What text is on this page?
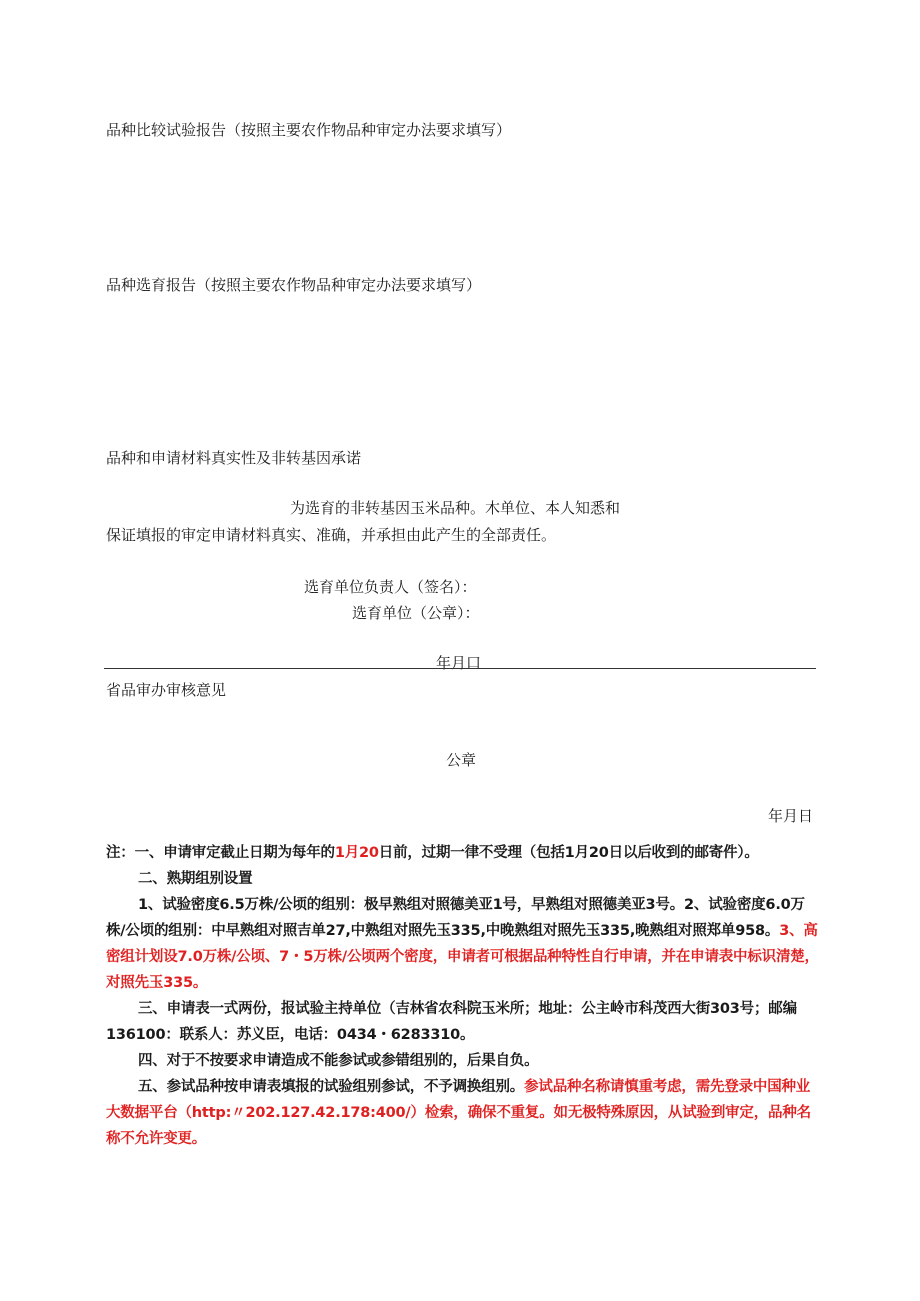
品种比较试验报告（按照主要农作物品种审定办法要求填写）
品种选育报告（按照主要农作物品种审定办法要求填写）
品种和申请材料真实性及非转基因承诺
为选育的非转基因玉米品种。木单位、本人知悉和
保证填报的审定申请材料真实、准确，并承担由此产生的全部责任。
选育单位负责人（签名）：
选育单位（公章）：
年月口
省品审办审核意见
公章
年月日

注：一、申请审定截止日期为每年的1月20日前，过期一律不受理（包括1月20日以后收到的邮寄件）。

二、熟期组别设置

1、试验密度6.5万株/公顷的组别：极早熟组对照德美亚1号，早熟组对照德美亚3号。2、试验密度6.0万株/公顷的组别：中早熟组对照吉单27,中熟组对照先玉335,中晚熟组对照先玉335,晚熟组对照郑单958。3、高密组计划设7.0万株/公顷、7・5万株/公顷两个密度，申请者可根据品种特性自行申请，并在申请表中标识清楚，对照先玉335。

三、申请表一式两份，报试验主持单位（吉林省农科院玉米所；地址：公主岭市科茂西大街303号；邮编136100：联系人：苏义臣，电话：0434・6283310。

四、对于不按要求申请造成不能参试或参错组别的，后果自负。

五、参试品种按申请表填报的试验组别参试，不予调换组别。参试品种名称请慎重考虑，需先登录中国种业大数据平台（http:〃202.127.42.178:400/）检索，确保不重复。如无极特殊原因，从试验到审定，品种名称不允许变更。
